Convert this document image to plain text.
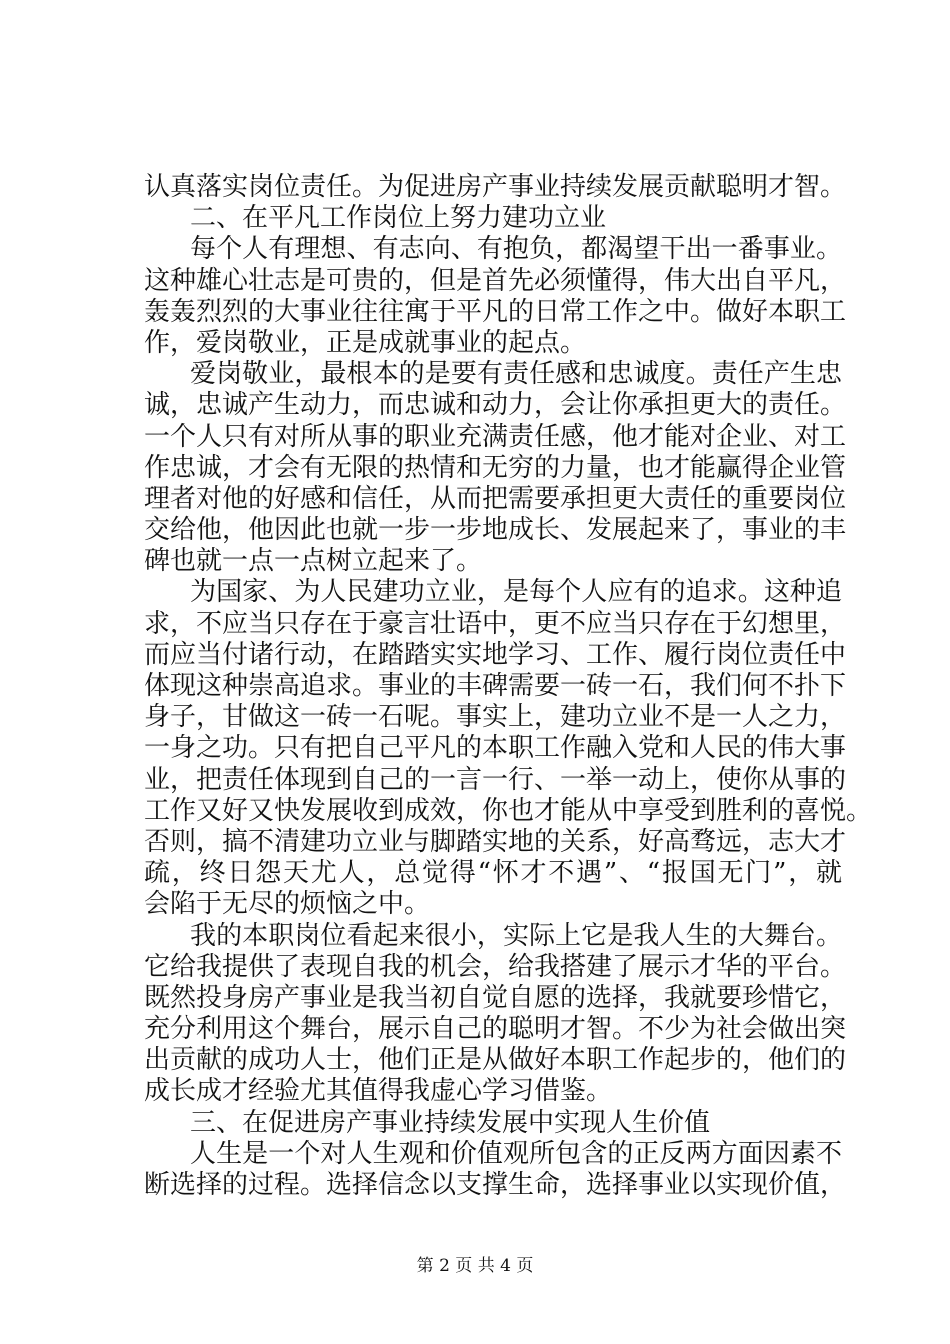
认真落实岗位责任。为促进房产事业持续发展贡献聪明才智。
二、在平凡工作岗位上努力建功立业
每个人有理想、有志向、有抱负，都渴望干出一番事业。
这种雄心壮志是可贵的，但是首先必须懂得，伟大出自平凡，
轰轰烈烈的大事业往往寓于平凡的日常工作之中。做好本职工
作，爱岗敬业，正是成就事业的起点。
爱岗敬业，最根本的是要有责任感和忠诚度。责任产生忠
诚，忠诚产生动力，而忠诚和动力，会让你承担更大的责任。
一个人只有对所从事的职业充满责任感，他才能对企业、对工
作忠诚，才会有无限的热情和无穷的力量，也才能赢得企业管
理者对他的好感和信任，从而把需要承担更大责任的重要岗位
交给他，他因此也就一步一步地成长、发展起来了，事业的丰
碑也就一点一点树立起来了。
为国家、为人民建功立业，是每个人应有的追求。这种追
求，不应当只存在于豪言壮语中，更不应当只存在于幻想里，
而应当付诸行动，在踏踏实实地学习、工作、履行岗位责任中
体现这种崇高追求。事业的丰碑需要一砖一石，我们何不扑下
身子，甘做这一砖一石呢。事实上，建功立业不是一人之力，
一身之功。只有把自己平凡的本职工作融入党和人民的伟大事
业，把责任体现到自己的一言一行、一举一动上，使你从事的
工作又好又快发展收到成效，你也才能从中享受到胜利的喜悦。
否则，搞不清建功立业与脚踏实地的关系，好高骛远，志大才
疏，终日怨天尤人，总觉得“怀才不遇”、“报国无门”，就
会陷于无尽的烦恼之中。
我的本职岗位看起来很小，实际上它是我人生的大舞台。
它给我提供了表现自我的机会，给我搭建了展示才华的平台。
既然投身房产事业是我当初自觉自愿的选择，我就要珍惜它，
充分利用这个舞台，展示自己的聪明才智。不少为社会做出突
出贡献的成功人士，他们正是从做好本职工作起步的，他们的
成长成才经验尤其值得我虚心学习借鉴。
三、在促进房产事业持续发展中实现人生价值
人生是一个对人生观和价值观所包含的正反两方面因素不
断选择的过程。选择信念以支撑生命，选择事业以实现价值，
第 2 页 共 4 页
